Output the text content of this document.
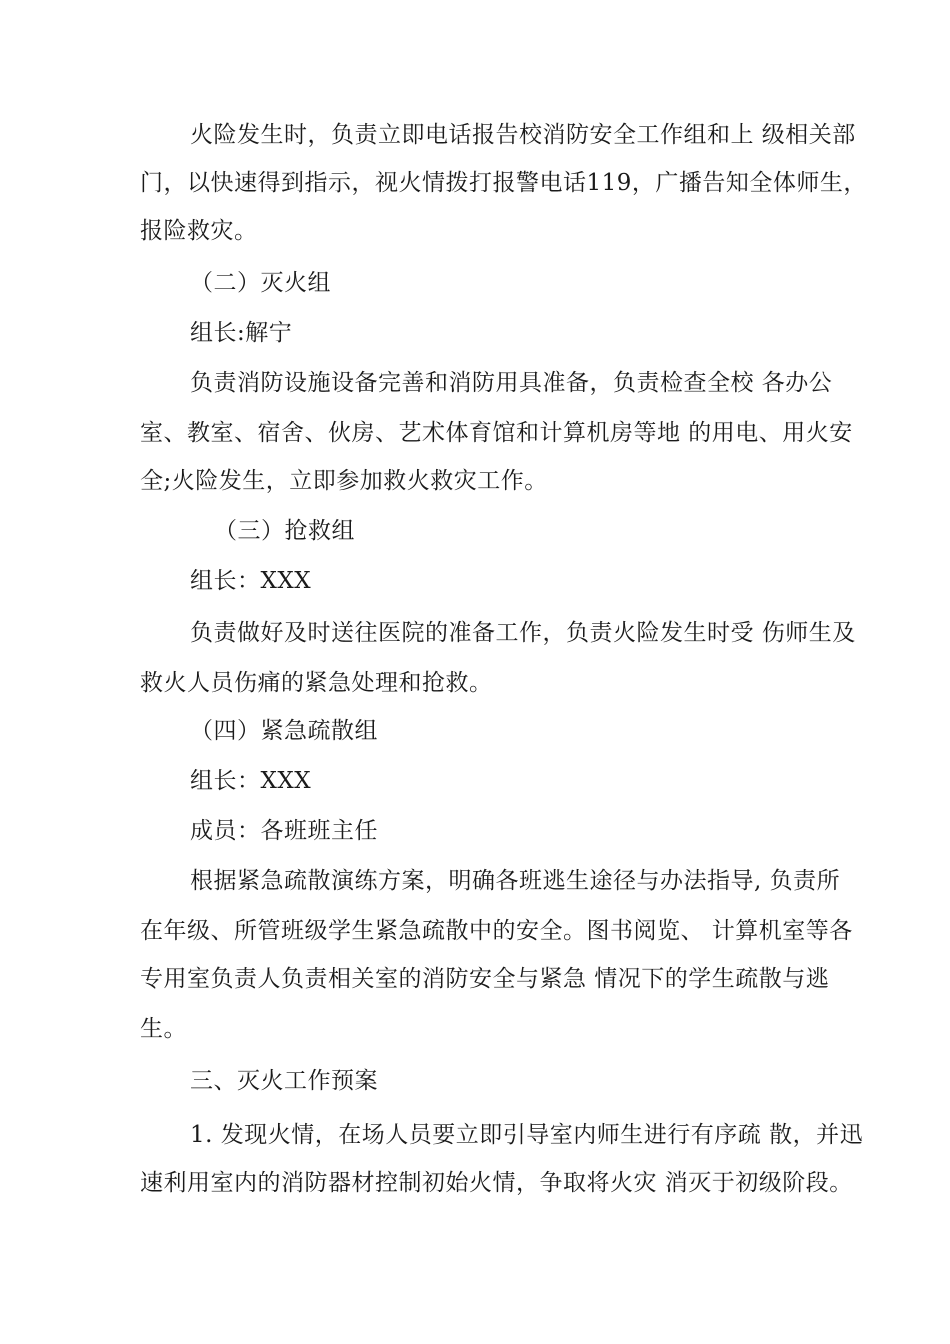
火险发生时，负责立即电话报告校消防安全工作组和上 级相关部
门，以快速得到指示，视火情拨打报警电话119，广播告知全体师生，
报险救灾。
（二）灭火组
组长:解宁
负责消防设施设备完善和消防用具准备，负责检查全校 各办公
室、教室、宿舍、伙房、艺术体育馆和计算机房等地 的用电、用火安
全;火险发生，立即参加救火救灾工作。
（三）抢救组
组长：XXX
负责做好及时送往医院的准备工作，负责火险发生时受 伤师生及
救火人员伤痛的紧急处理和抢救。
（四）紧急疏散组
组长：XXX
成员：各班班主任
根据紧急疏散演练方案，明确各班逃生途径与办法指导, 负责所
在年级、所管班级学生紧急疏散中的安全。图书阅览、 计算机室等各
专用室负责人负责相关室的消防安全与紧急 情况下的学生疏散与逃
生。
三、灭火工作预案
1. 发现火情，在场人员要立即引导室内师生进行有序疏 散，并迅
速利用室内的消防器材控制初始火情，争取将火灾 消灭于初级阶段。
